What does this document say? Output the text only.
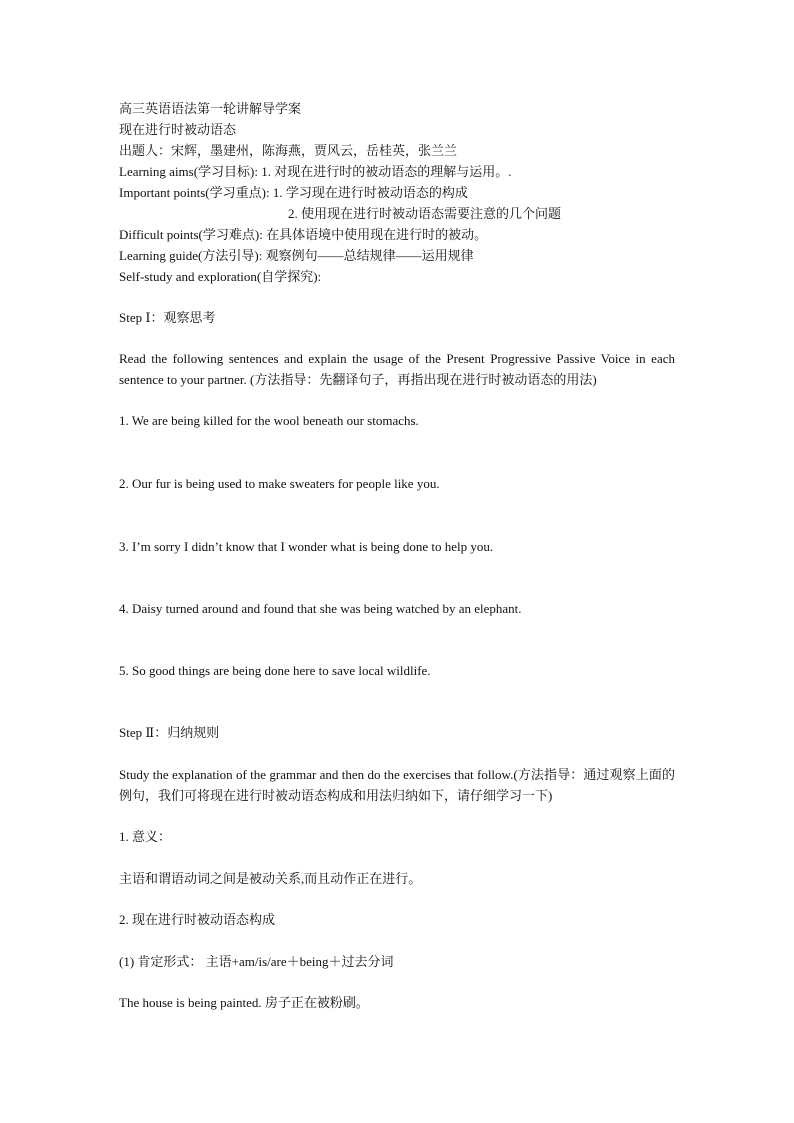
高三英语语法第一轮讲解导学案
现在进行时被动语态
出题人：宋辉，墨建州，陈海燕，贾风云，岳桂英，张兰兰
Learning aims(学习目标): 1. 对现在进行时的被动语态的理解与运用。.
Important points(学习重点): 1. 学习现在进行时被动语态的构成
2. 使用现在进行时被动语态需要注意的几个问题
Difficult points(学习难点): 在具体语境中使用现在进行时的被动。
Learning guide(方法引导): 观察例句——总结规律——运用规律
Self-study and exploration(自学探究):
Step Ⅰ：观察思考
Read the following sentences and explain the usage of the Present Progressive Passive Voice in each sentence to your partner. (方法指导：先翻译句子，再指出现在进行时被动语态的用法)
1. We are being killed for the wool beneath our stomachs.
2. Our fur is being used to make sweaters for people like you.
3. I’m sorry I didn’t know that I wonder what is being done to help you.
4. Daisy turned around and found that she was being watched by an elephant.
5. So good things are being done here to save local wildlife.
Step Ⅱ：归纳规则
Study the explanation of the grammar and then do the exercises that follow.(方法指导：通过观察上面的例句，我们可将现在进行时被动语态构成和用法归纳如下，请仔细学习一下)
1. 意义：
主语和谓语动词之间是被动关系,而且动作正在进行。
2. 现在进行时被动语态构成
(1) 肯定形式： 主语+am/is/are＋being＋过去分词
The house is being painted. 房子正在被粉刷。
